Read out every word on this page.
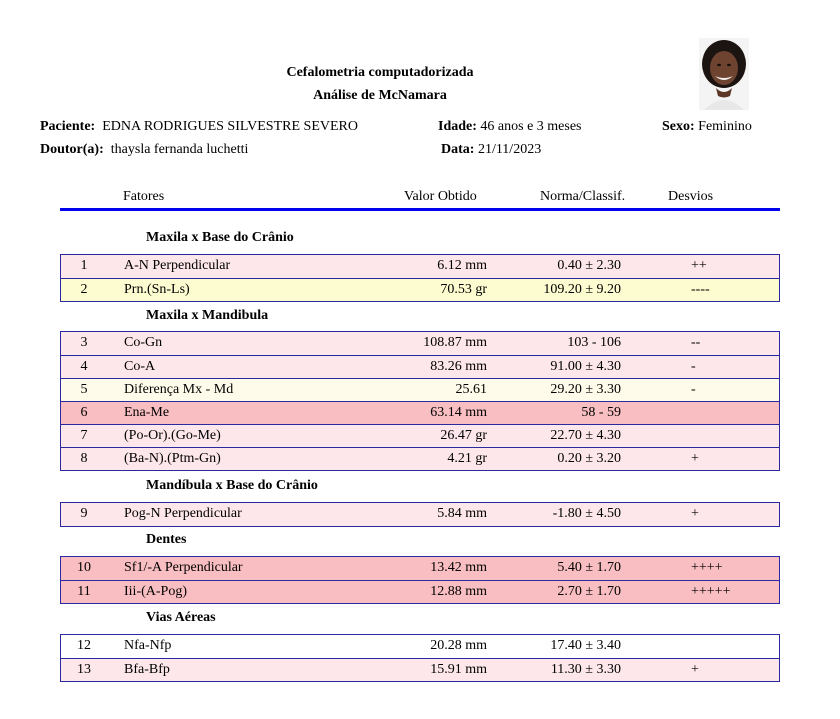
Cefalometria computadorizada
Análise de McNamara
Paciente: EDNA RODRIGUES SILVESTRE SEVERO	Idade: 46 anos e 3 meses	Sexo: Feminino
Doutor(a): thaysla fernanda luchetti	Data: 21/11/2023
Fatores	Valor Obtido	Norma/Classif.	Desvios
Maxila x Base do Crânio
1	A-N Perpendicular	6.12 mm	0.40 ± 2.30	++
2	Prn.(Sn-Ls)	70.53 gr	109.20 ± 9.20	----
Maxila x Mandibula
3	Co-Gn	108.87 mm	103 - 106	--
4	Co-A	83.26 mm	91.00 ± 4.30	-
5	Diferença Mx - Md	25.61	29.20 ± 3.30	-
6	Ena-Me	63.14 mm	58 - 59
7	(Po-Or).(Go-Me)	26.47 gr	22.70 ± 4.30
8	(Ba-N).(Ptm-Gn)	4.21 gr	0.20 ± 3.20	+
Mandíbula x Base do Crânio
9	Pog-N Perpendicular	5.84 mm	-1.80 ± 4.50	+
Dentes
10	Sf1/-A Perpendicular	13.42 mm	5.40 ± 1.70	++++
11	Iii-(A-Pog)	12.88 mm	2.70 ± 1.70	+++++
Vias Aéreas
12	Nfa-Nfp	20.28 mm	17.40 ± 3.40
13	Bfa-Bfp	15.91 mm	11.30 ± 3.30	+
